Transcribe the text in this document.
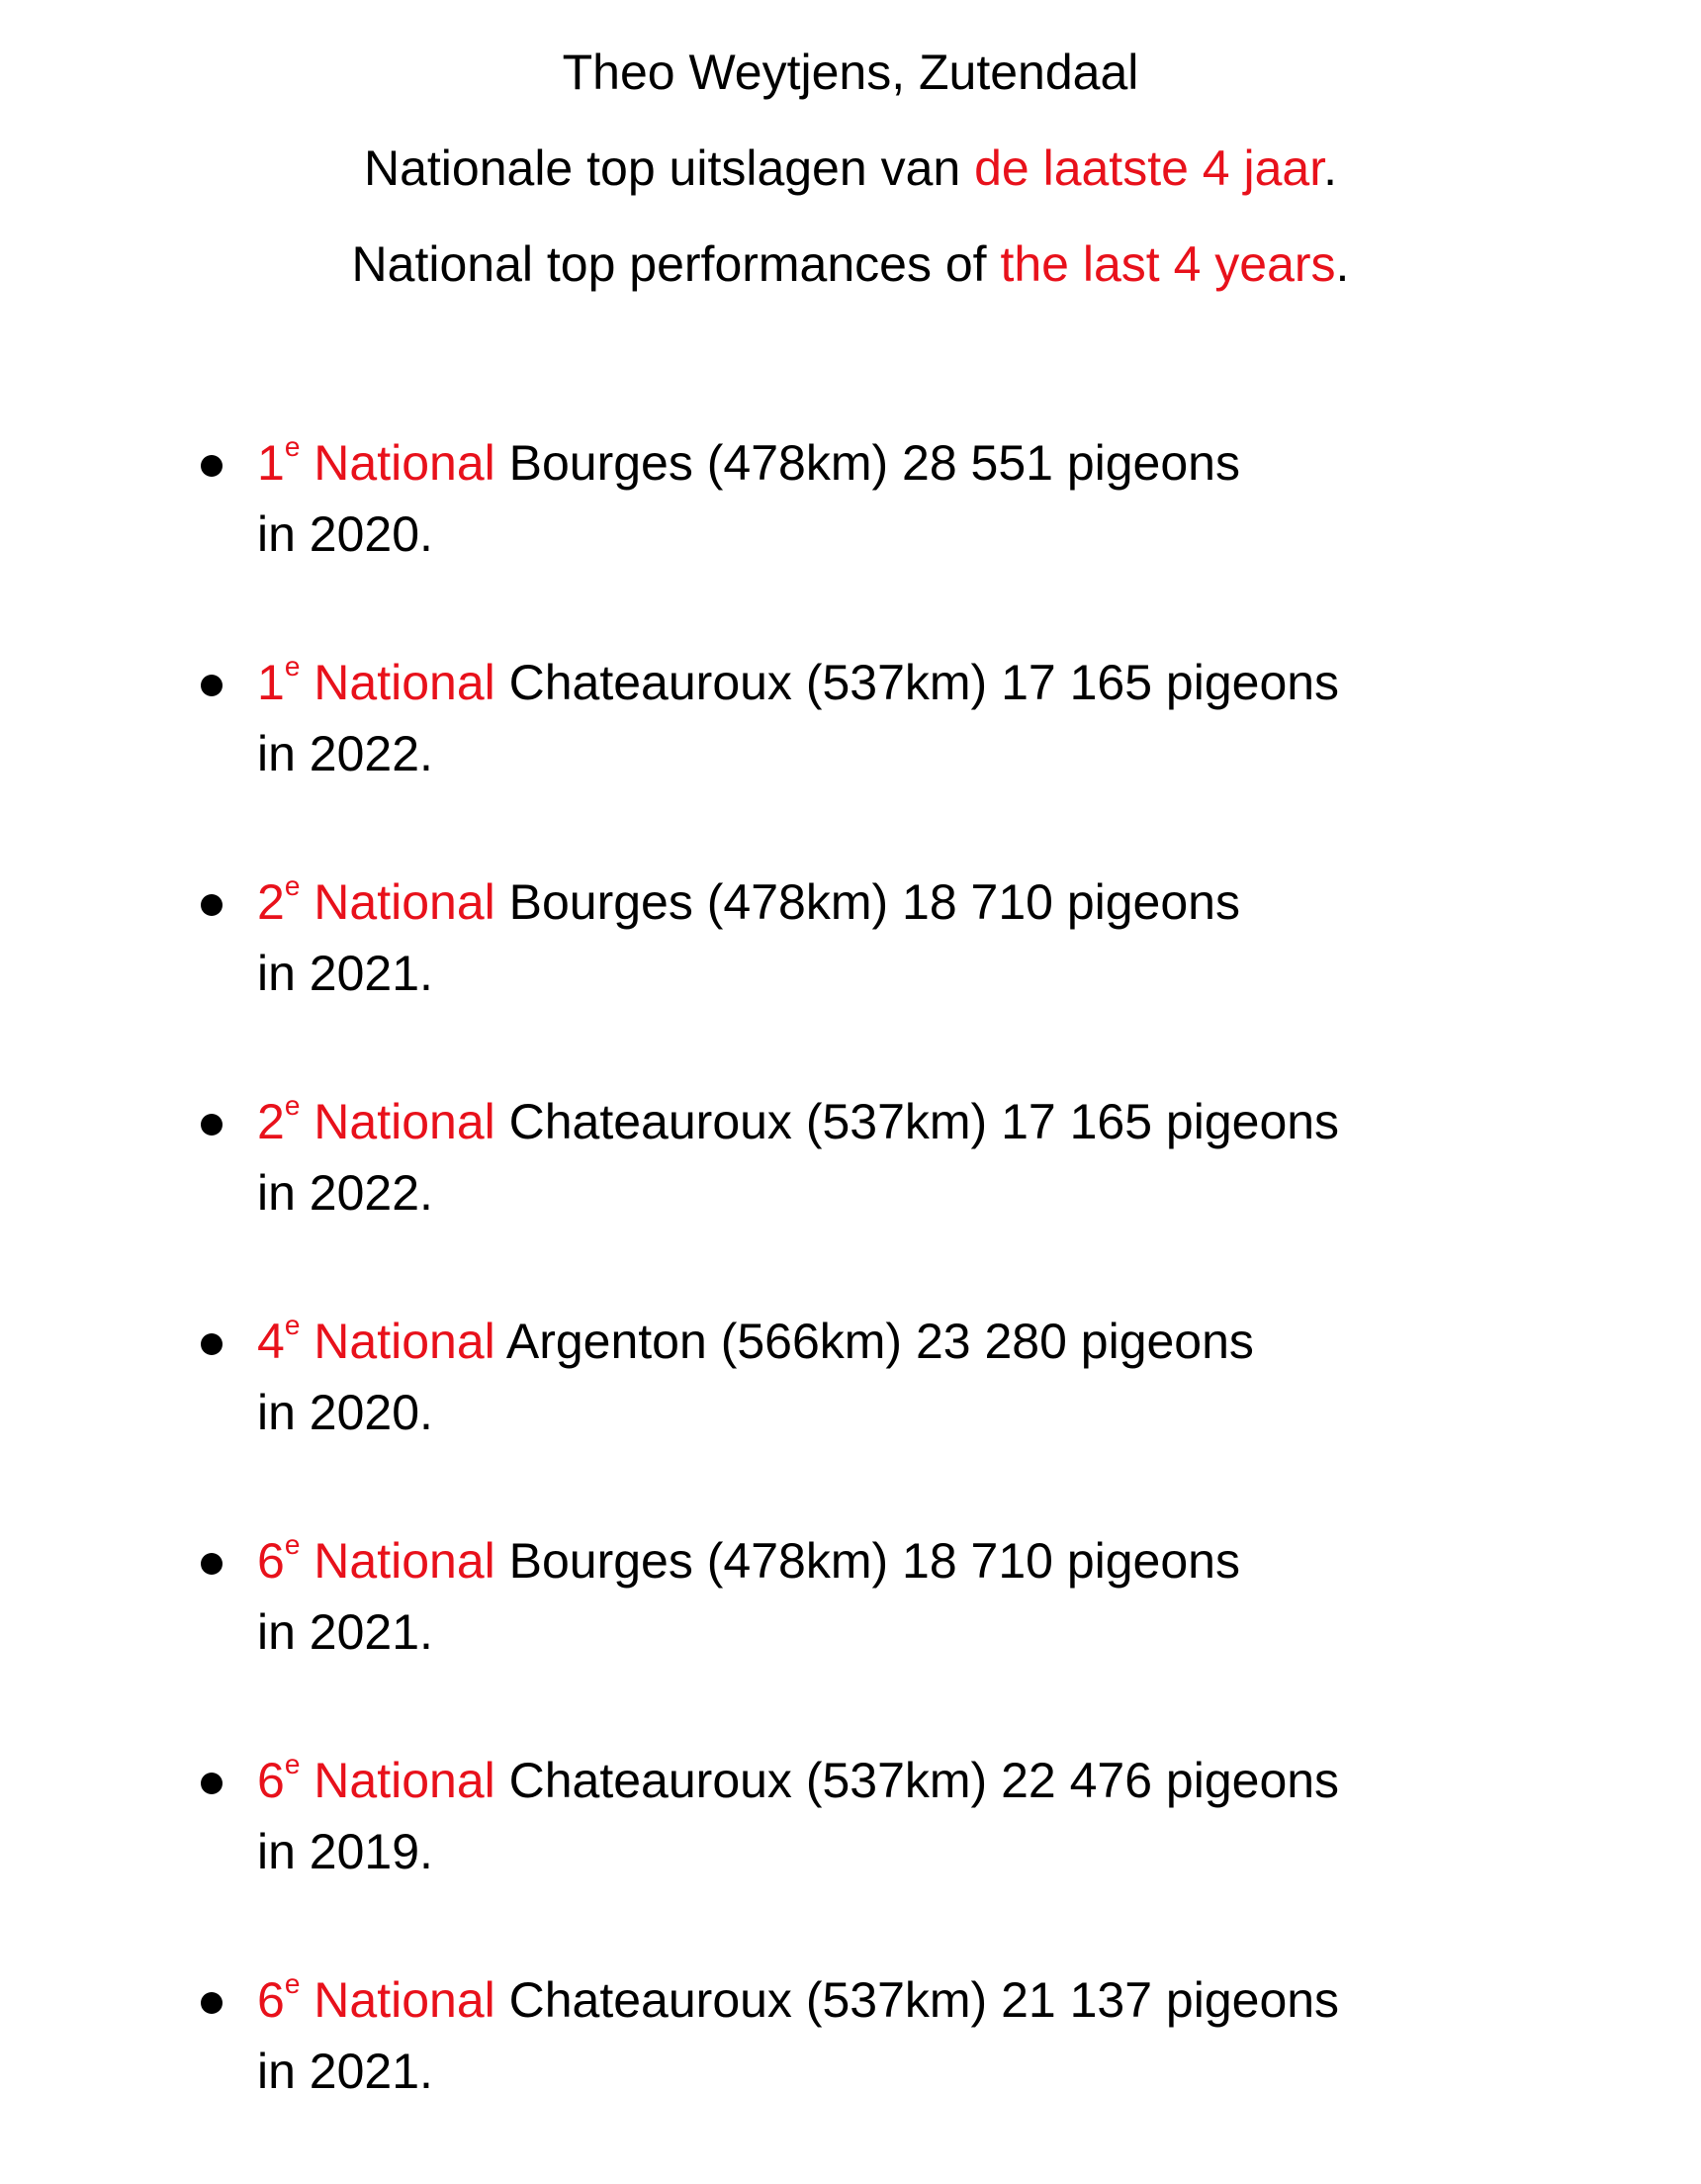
Theo Weytjens, Zutendaal
Nationale top uitslagen van de laatste 4 jaar.
National top performances of the last 4 years.
1e National Bourges (478km) 28 551 pigeons
in 2020.
1e National Chateauroux (537km) 17 165 pigeons
in 2022.
2e National Bourges (478km) 18 710 pigeons
in 2021.
2e National Chateauroux (537km) 17 165 pigeons
in 2022.
4e National Argenton (566km) 23 280 pigeons
in 2020.
6e National Bourges (478km) 18 710 pigeons
in 2021.
6e National Chateauroux (537km) 22 476 pigeons
in 2019.
6e National Chateauroux (537km) 21 137 pigeons
in 2021.
